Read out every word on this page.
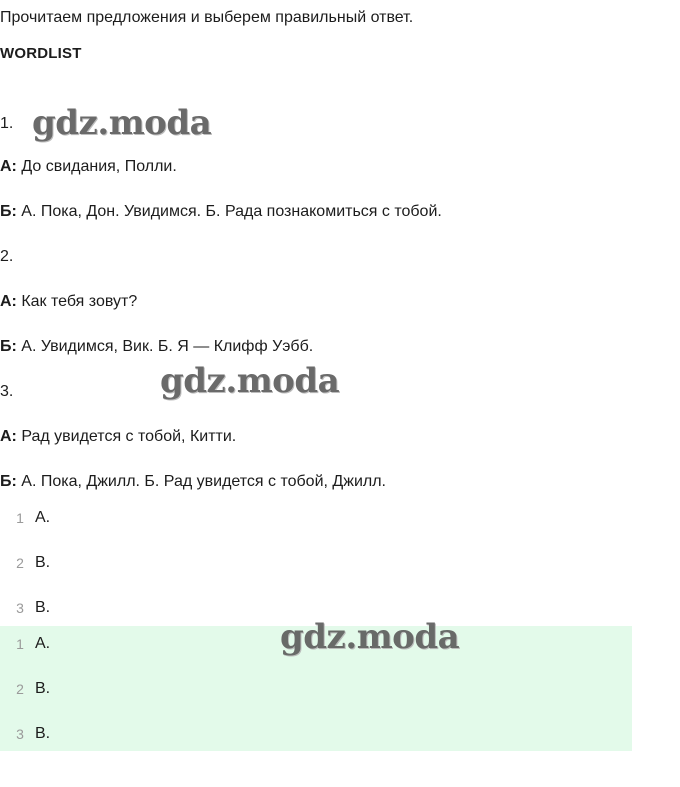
Прочитаем предложения и выберем правильный ответ.
WORDLIST
1.
А: До свидания, Полли.
Б: А. Пока, Дон. Увидимся. Б. Рада познакомиться с тобой.
2.
А: Как тебя зовут?
Б: А. Увидимся, Вик. Б. Я — Клифф Уэбб.
3.
А: Рад увидется с тобой, Китти.
Б: А. Пока, Джилл. Б. Рад увидется с тобой, Джилл.
1 A.
2 B.
3 B.
1 A.
2 B.
3 B.
gdz.moda
gdz.moda
gdz.moda
